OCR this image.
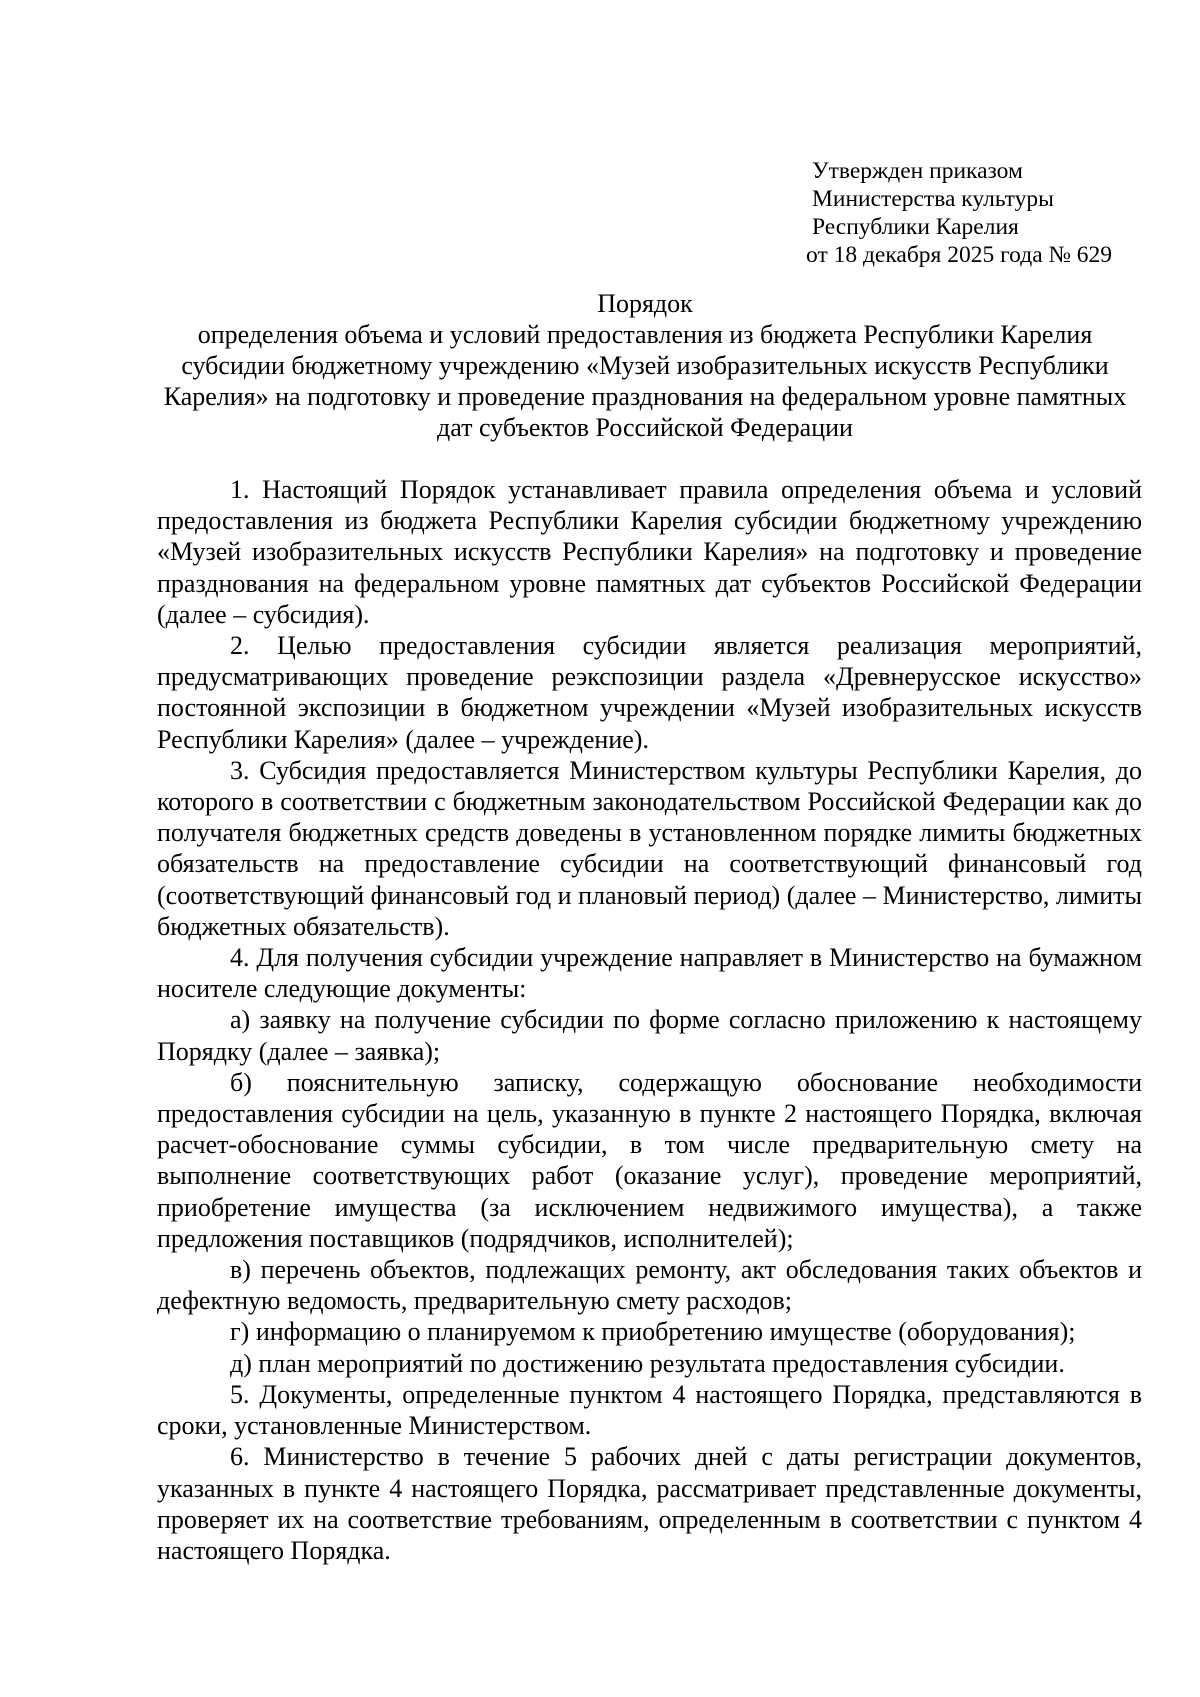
Утвержден приказом
Министерства культуры
Республики Карелия
от 18 декабря 2025 года № 629
Порядок
определения объема и условий предоставления из бюджета Республики Карелия субсидии бюджетному учреждению «Музей изобразительных искусств Республики Карелия» на подготовку и проведение празднования на федеральном уровне памятных дат субъектов Российской Федерации

1. Настоящий Порядок устанавливает правила определения объема и условий предоставления из бюджета Республики Карелия субсидии бюджетному учреждению «Музей изобразительных искусств Республики Карелия» на подготовку и проведение празднования на федеральном уровне памятных дат субъектов Российской Федерации (далее – субсидия).

2. Целью предоставления субсидии является реализация мероприятий, предусматривающих проведение реэкспозиции раздела «Древнерусское искусство» постоянной экспозиции в бюджетном учреждении «Музей изобразительных искусств Республики Карелия» (далее – учреждение).

3. Субсидия предоставляется Министерством культуры Республики Карелия, до которого в соответствии с бюджетным законодательством Российской Федерации как до получателя бюджетных средств доведены в установленном порядке лимиты бюджетных обязательств на предоставление субсидии на соответствующий финансовый год (соответствующий финансовый год и плановый период) (далее – Министерство, лимиты бюджетных обязательств).

4. Для получения субсидии учреждение направляет в Министерство на бумажном носителе следующие документы:

а) заявку на получение субсидии по форме согласно приложению к настоящему Порядку (далее – заявка);

б) пояснительную записку, содержащую обоснование необходимости предоставления субсидии на цель, указанную в пункте 2 настоящего Порядка, включая расчет-обоснование суммы субсидии, в том числе предварительную смету на выполнение соответствующих работ (оказание услуг), проведение мероприятий, приобретение имущества (за исключением недвижимого имущества), а также предложения поставщиков (подрядчиков, исполнителей);

в) перечень объектов, подлежащих ремонту, акт обследования таких объектов и дефектную ведомость, предварительную смету расходов;

г) информацию о планируемом к приобретению имуществе (оборудования);

д) план мероприятий по достижению результата предоставления субсидии.

5. Документы, определенные пунктом 4 настоящего Порядка, представляются в сроки, установленные Министерством.

6. Министерство в течение 5 рабочих дней с даты регистрации документов, указанных в пункте 4 настоящего Порядка, рассматривает представленные документы, проверяет их на соответствие требованиям, определенным в соответствии с пунктом 4 настоящего Порядка.
